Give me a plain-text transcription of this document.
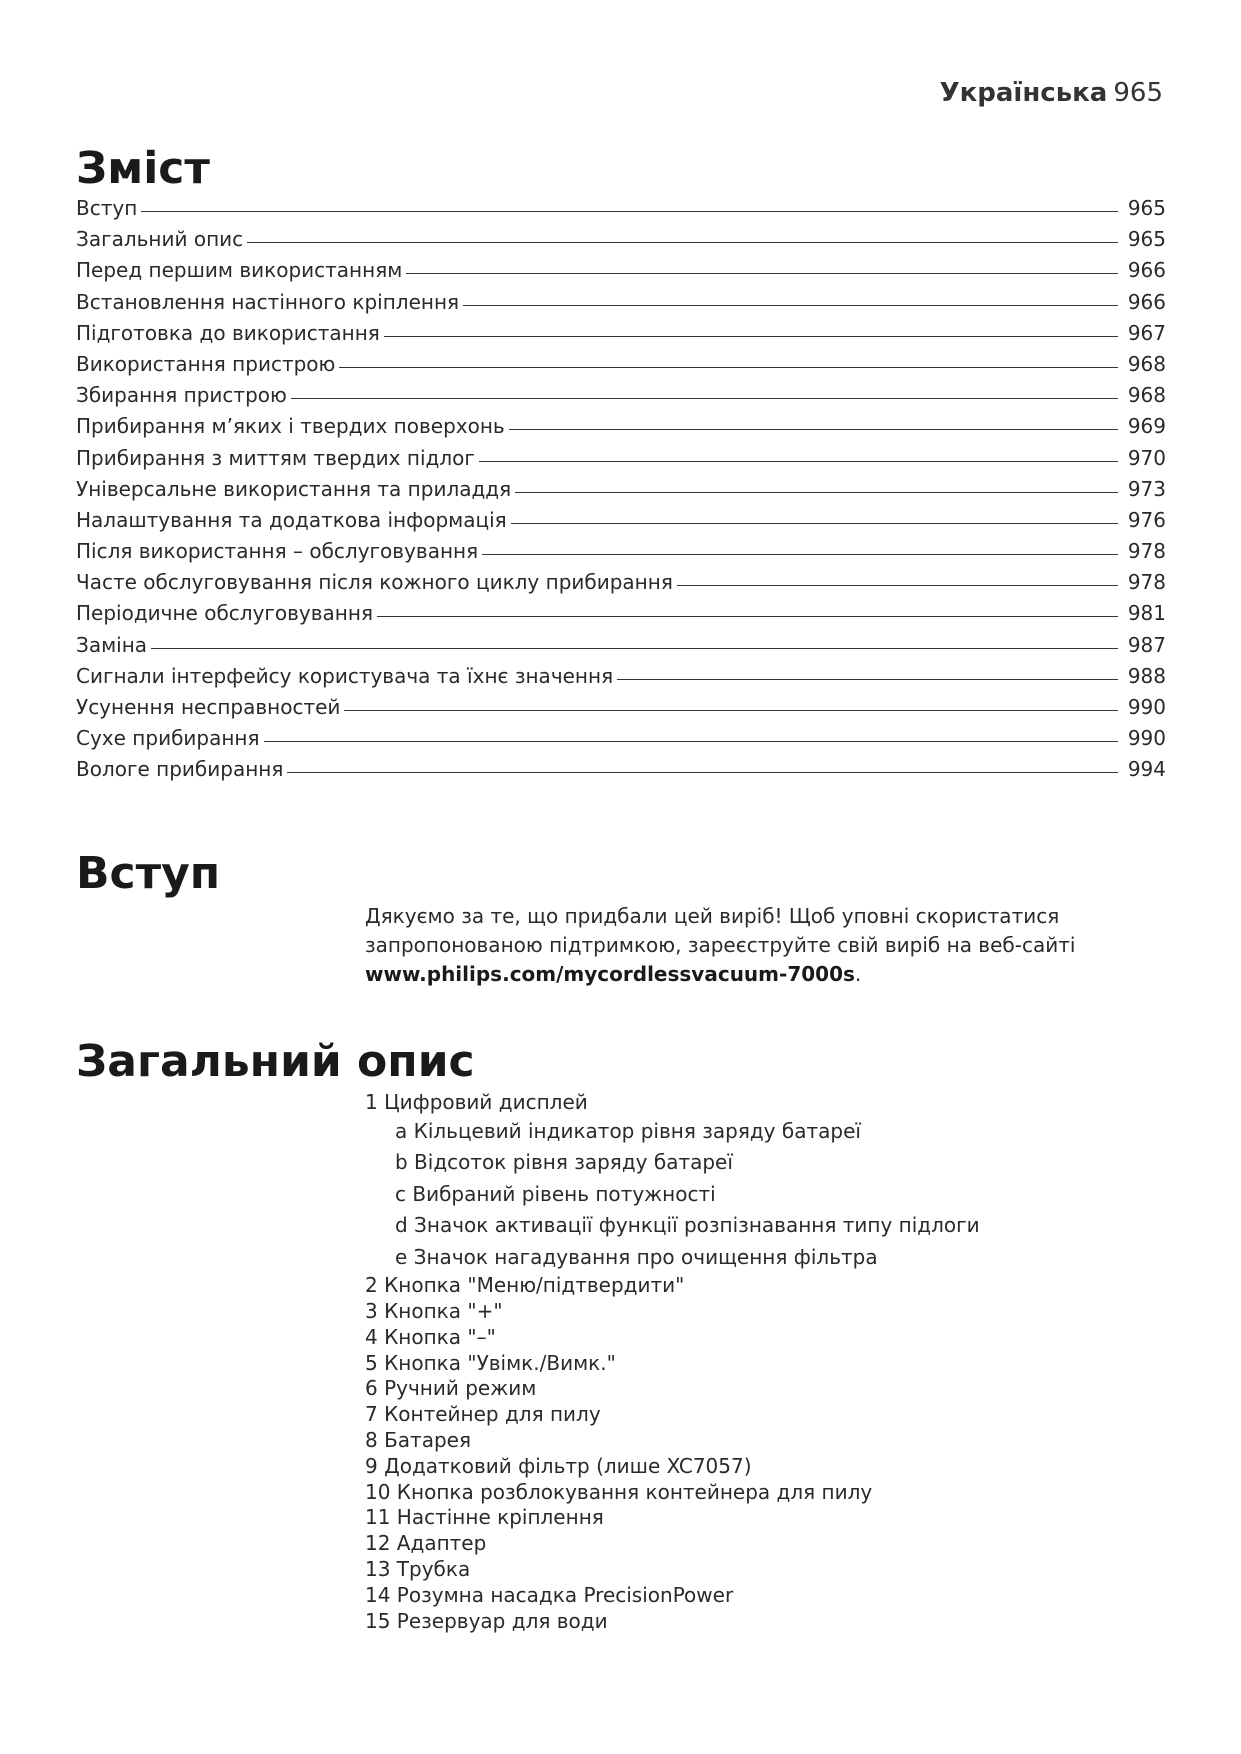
Українська 965
Зміст
Вступ	965
Загальний опис	965
Перед першим використанням	966
Встановлення настінного кріплення	966
Підготовка до використання	967
Використання пристрою	968
Збирання пристрою	968
Прибирання м’яких і твердих поверхонь	969
Прибирання з миттям твердих підлог	970
Універсальне використання та приладдя	973
Налаштування та додаткова інформація	976
Після використання – обслуговування	978
Часте обслуговування після кожного циклу прибирання	978
Періодичне обслуговування	981
Заміна	987
Сигнали інтерфейсу користувача та їхнє значення	988
Усунення несправностей	990
Сухе прибирання	990
Вологе прибирання	994
Вступ

Дякуємо за те, що придбали цей виріб! Щоб уповні скористатися запропонованою підтримкою, зареєструйте свій виріб на веб-сайті www.philips.com/mycordlessvacuum-7000s.

Загальний опис
1 Цифровий дисплей
a Кільцевий індикатор рівня заряду батареї
b Відсоток рівня заряду батареї
c Вибраний рівень потужності
d Значок активації функції розпізнавання типу підлоги
e Значок нагадування про очищення фільтра
2 Кнопка "Меню/підтвердити"
3 Кнопка "+"
4 Кнопка "–"
5 Кнопка "Увімк./Вимк."
6 Ручний режим
7 Контейнер для пилу
8 Батарея
9 Додатковий фільтр (лише XC7057)
10 Кнопка розблокування контейнера для пилу
11 Настінне кріплення
12 Адаптер
13 Трубка
14 Розумна насадка PrecisionPower
15 Резервуар для води
